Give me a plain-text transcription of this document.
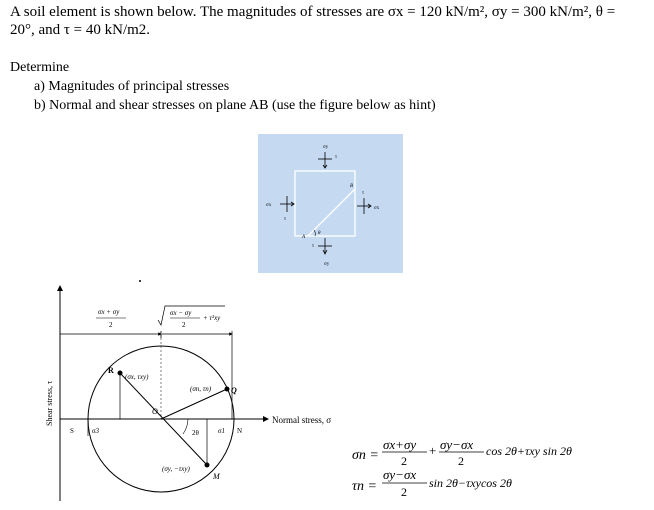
A soil element is shown below. The magnitudes of stresses are σx = 120 kN/m², σy = 300 kN/m², θ =
20°, and τ = 40 kN/m2.
Determine
a) Magnitudes of principal stresses
b) Normal and shear stresses on plane AB (use the figure below as hint)
σy
τ
σx
τ
σx
τ
σy
τ
A
B
θ
Shear stress, τ	Normal stress, σ
σx + σy
2
σx − σy
2
+ τ²xy
R
(σx, τxy)
(σn, τn) Q
O
S	σ3	2θ	σ1 N
(σy, −τxy)
M
σn =
σx+σy
2
+ σy−σx
2
cos 2θ+τxy sin 2θ
τn =
σy−σx
2
sin 2θ−τxycos 2θ
